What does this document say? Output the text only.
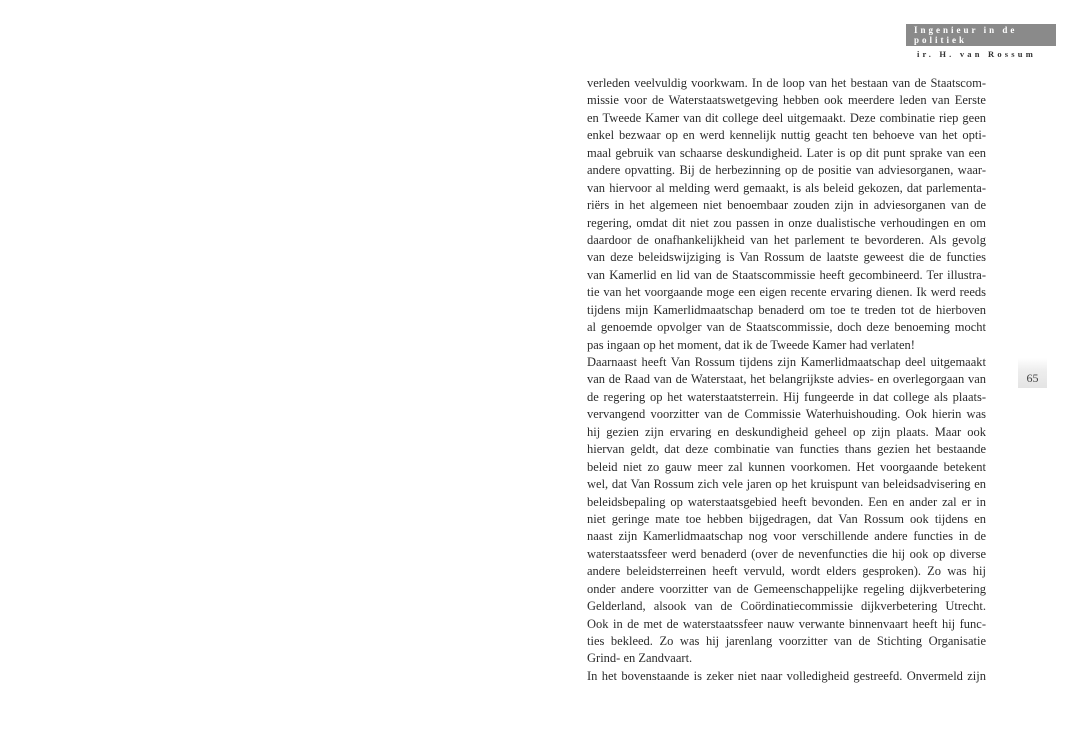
Ingenieur in de politiek
ir. H. van Rossum
65
verleden veelvuldig voorkwam. In de loop van het bestaan van de Staatscom-
missie voor de Waterstaatswetgeving hebben ook meerdere leden van Eerste
en Tweede Kamer van dit college deel uitgemaakt. Deze combinatie riep geen
enkel bezwaar op en werd kennelijk nuttig geacht ten behoeve van het opti-
maal gebruik van schaarse deskundigheid. Later is op dit punt sprake van een
andere opvatting. Bij de herbezinning op de positie van adviesorganen, waar-
van hiervoor al melding werd gemaakt, is als beleid gekozen, dat parlementa-
riërs in het algemeen niet benoembaar zouden zijn in adviesorganen van de
regering, omdat dit niet zou passen in onze dualistische verhoudingen en om
daardoor de onafhankelijkheid van het parlement te bevorderen. Als gevolg
van deze beleidswijziging is Van Rossum de laatste geweest die de functies
van Kamerlid en lid van de Staatscommissie heeft gecombineerd. Ter illustra-
tie van het voorgaande moge een eigen recente ervaring dienen. Ik werd reeds
tijdens mijn Kamerlidmaatschap benaderd om toe te treden tot de hierboven
al genoemde opvolger van de Staatscommissie, doch deze benoeming mocht
pas ingaan op het moment, dat ik de Tweede Kamer had verlaten!
Daarnaast heeft Van Rossum tijdens zijn Kamerlidmaatschap deel uitgemaakt
van de Raad van de Waterstaat, het belangrijkste advies- en overlegorgaan van
de regering op het waterstaatsterrein. Hij fungeerde in dat college als plaats-
vervangend voorzitter van de Commissie Waterhuishouding. Ook hierin was
hij gezien zijn ervaring en deskundigheid geheel op zijn plaats. Maar ook
hiervan geldt, dat deze combinatie van functies thans gezien het bestaande
beleid niet zo gauw meer zal kunnen voorkomen. Het voorgaande betekent
wel, dat Van Rossum zich vele jaren op het kruispunt van beleidsadvisering en
beleidsbepaling op waterstaatsgebied heeft bevonden. Een en ander zal er in
niet geringe mate toe hebben bijgedragen, dat Van Rossum ook tijdens en
naast zijn Kamerlidmaatschap nog voor verschillende andere functies in de
waterstaatssfeer werd benaderd (over de nevenfuncties die hij ook op diverse
andere beleidsterreinen heeft vervuld, wordt elders gesproken). Zo was hij
onder andere voorzitter van de Gemeenschappelijke regeling dijkverbetering
Gelderland, alsook van de Coördinatiecommissie dijkverbetering Utrecht.
Ook in de met de waterstaatssfeer nauw verwante binnenvaart heeft hij func-
ties bekleed. Zo was hij jarenlang voorzitter van de Stichting Organisatie
Grind- en Zandvaart.
In het bovenstaande is zeker niet naar volledigheid gestreefd. Onvermeld zijn
